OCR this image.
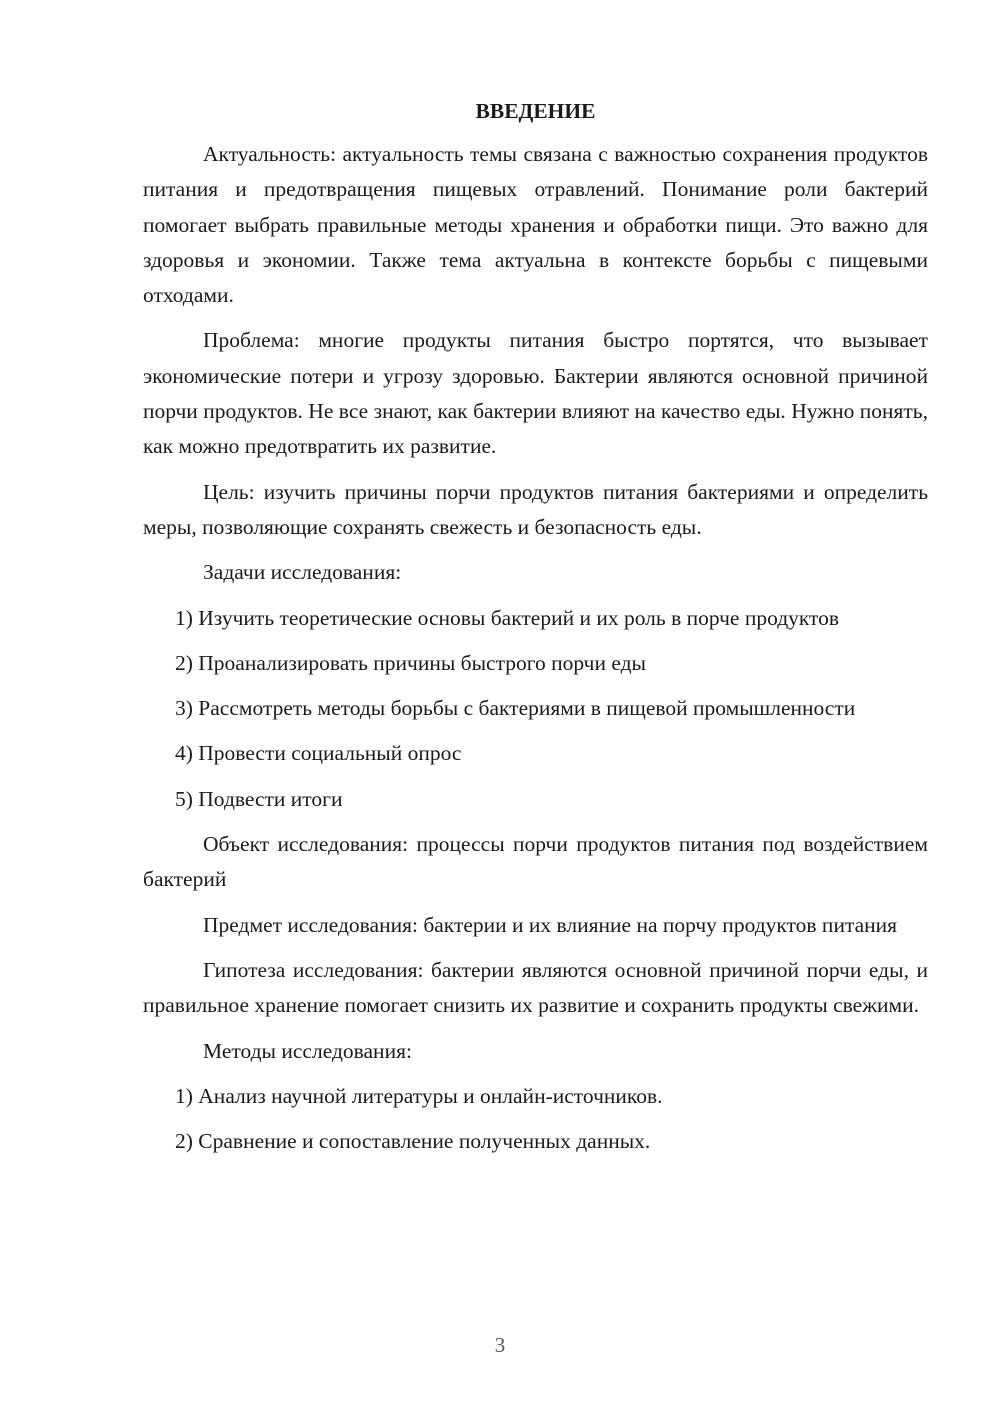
ВВЕДЕНИЕ

Актуальность: актуальность темы связана с важностью сохранения продуктов питания и предотвращения пищевых отравлений. Понимание роли бактерий помогает выбрать правильные методы хранения и обработки пищи. Это важно для здоровья и экономии. Также тема актуальна в контексте борьбы с пищевыми отходами.

Проблема: многие продукты питания быстро портятся, что вызывает экономические потери и угрозу здоровью. Бактерии являются основной причиной порчи продуктов. Не все знают, как бактерии влияют на качество еды. Нужно понять, как можно предотвратить их развитие.

Цель: изучить причины порчи продуктов питания бактериями и определить меры, позволяющие сохранять свежесть и безопасность еды.

Задачи исследования:

1) Изучить теоретические основы бактерий и их роль в порче продуктов

2) Проанализировать причины быстрого порчи еды

3) Рассмотреть методы борьбы с бактериями в пищевой промышленности

4) Провести социальный опрос

5) Подвести итоги

Объект исследования: процессы порчи продуктов питания под воздействием бактерий

Предмет исследования: бактерии и их влияние на порчу продуктов питания

Гипотеза исследования: бактерии являются основной причиной порчи еды, и правильное хранение помогает снизить их развитие и сохранить продукты свежими.

Методы исследования:

1) Анализ научной литературы и онлайн-источников.

2) Сравнение и сопоставление полученных данных.

3
